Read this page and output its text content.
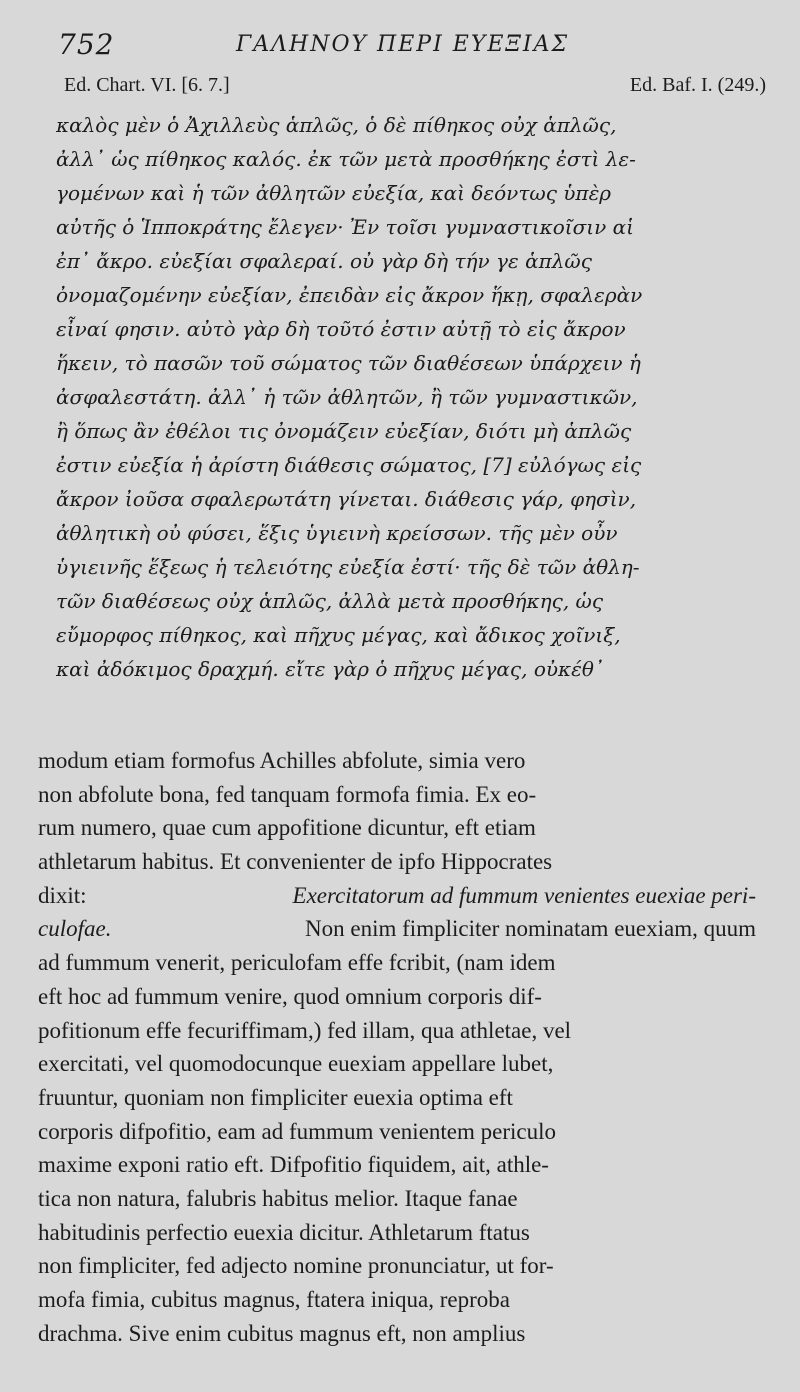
752	ΓΑΛΗΝΟΥ ΠΕΡΙ ΕΥΕΞΙΑΣ
Ed. Chart. VI. [6. 7.]	Ed. Baf. I. (249.)
καλὸς μὲν ὁ Ἀχιλλεὺς ἁπλῶς, ὁ δὲ πίθηκος οὐχ ἁπλῶς,
ἀλλ᾽ ὡς πίθηκος καλός. ἐκ τῶν μετὰ προσθήκης ἐστὶ λε-
γομένων καὶ ἡ τῶν ἀθλητῶν εὐεξία, καὶ δεόντως ὑπὲρ
αὐτῆς ὁ Ἱπποκράτης ἔλεγεν· Ἐν τοῖσι γυμναστικοῖσιν αἱ
ἐπ᾽ ἄκρο. εὐεξίαι σφαλεραί. οὐ γὰρ δὴ τήν γε ἁπλῶς
ὀνομαζομένην εὐεξίαν, ἐπειδὰν εἰς ἄκρον ἥκῃ, σφαλερὰν
εἶναί φησιν. αὐτὸ γὰρ δὴ τοῦτό ἐστιν αὐτῇ τὸ εἰς ἄκρον
ἥκειν, τὸ πασῶν τοῦ σώματος τῶν διαθέσεων ὑπάρχειν ἡ
ἀσφαλεστάτη. ἀλλ᾽ ἡ τῶν ἀθλητῶν, ἢ τῶν γυμναστικῶν,
ἢ ὅπως ἂν ἐθέλοι τις ὀνομάζειν εὐεξίαν, διότι μὴ ἁπλῶς
ἐστιν εὐεξία ἡ ἀρίστη διάθεσις σώματος, [7] εὐλόγως εἰς
ἄκρον ἰοῦσα σφαλερωτάτη γίνεται. διάθεσις γάρ, φησὶν,
ἀθλητικὴ οὐ φύσει, ἕξις ὑγιεινὴ κρείσσων. τῆς μὲν οὖν
ὑγιεινῆς ἕξεως ἡ τελειότης εὐεξία ἐστί· τῆς δὲ τῶν ἀθλη-
τῶν διαθέσεως οὐχ ἁπλῶς, ἀλλὰ μετὰ προσθήκης, ὡς
εὔμορφος πίθηκος, καὶ πῆχυς μέγας, καὶ ἄδικος χοῖνιξ,
καὶ ἀδόκιμος δραχμή. εἴτε γὰρ ὁ πῆχυς μέγας, οὐκέθ᾽
modum etiam formofus Achilles abfolute, simia vero
non abfolute bona, fed tanquam formofa fimia. Ex eo-
rum numero, quae cum appofitione dicuntur, eft etiam
athletarum habitus. Et convenienter de ipfo Hippocrates
dixit:	Exercitatorum ad fummum venientes euexiae peri-
culofae.	Non enim fimpliciter nominatam euexiam, quum
ad fummum venerit, periculofam effe fcribit, (nam idem
eft hoc ad fummum venire, quod omnium corporis dif-
pofitionum effe fecuriffimam,) fed illam, qua athletae, vel
exercitati, vel quomodocunque euexiam appellare lubet,
fruuntur, quoniam non fimpliciter euexia optima eft
corporis difpofitio, eam ad fummum venientem periculo
maxime exponi ratio eft. Difpofitio fiquidem, ait, athle-
tica non natura, falubris habitus melior. Itaque fanae
habitudinis perfectio euexia dicitur. Athletarum ftatus
non fimpliciter, fed adjecto nomine pronunciatur, ut for-
mofa fimia, cubitus magnus, ftatera iniqua, reproba
drachma. Sive enim cubitus magnus eft, non amplius
